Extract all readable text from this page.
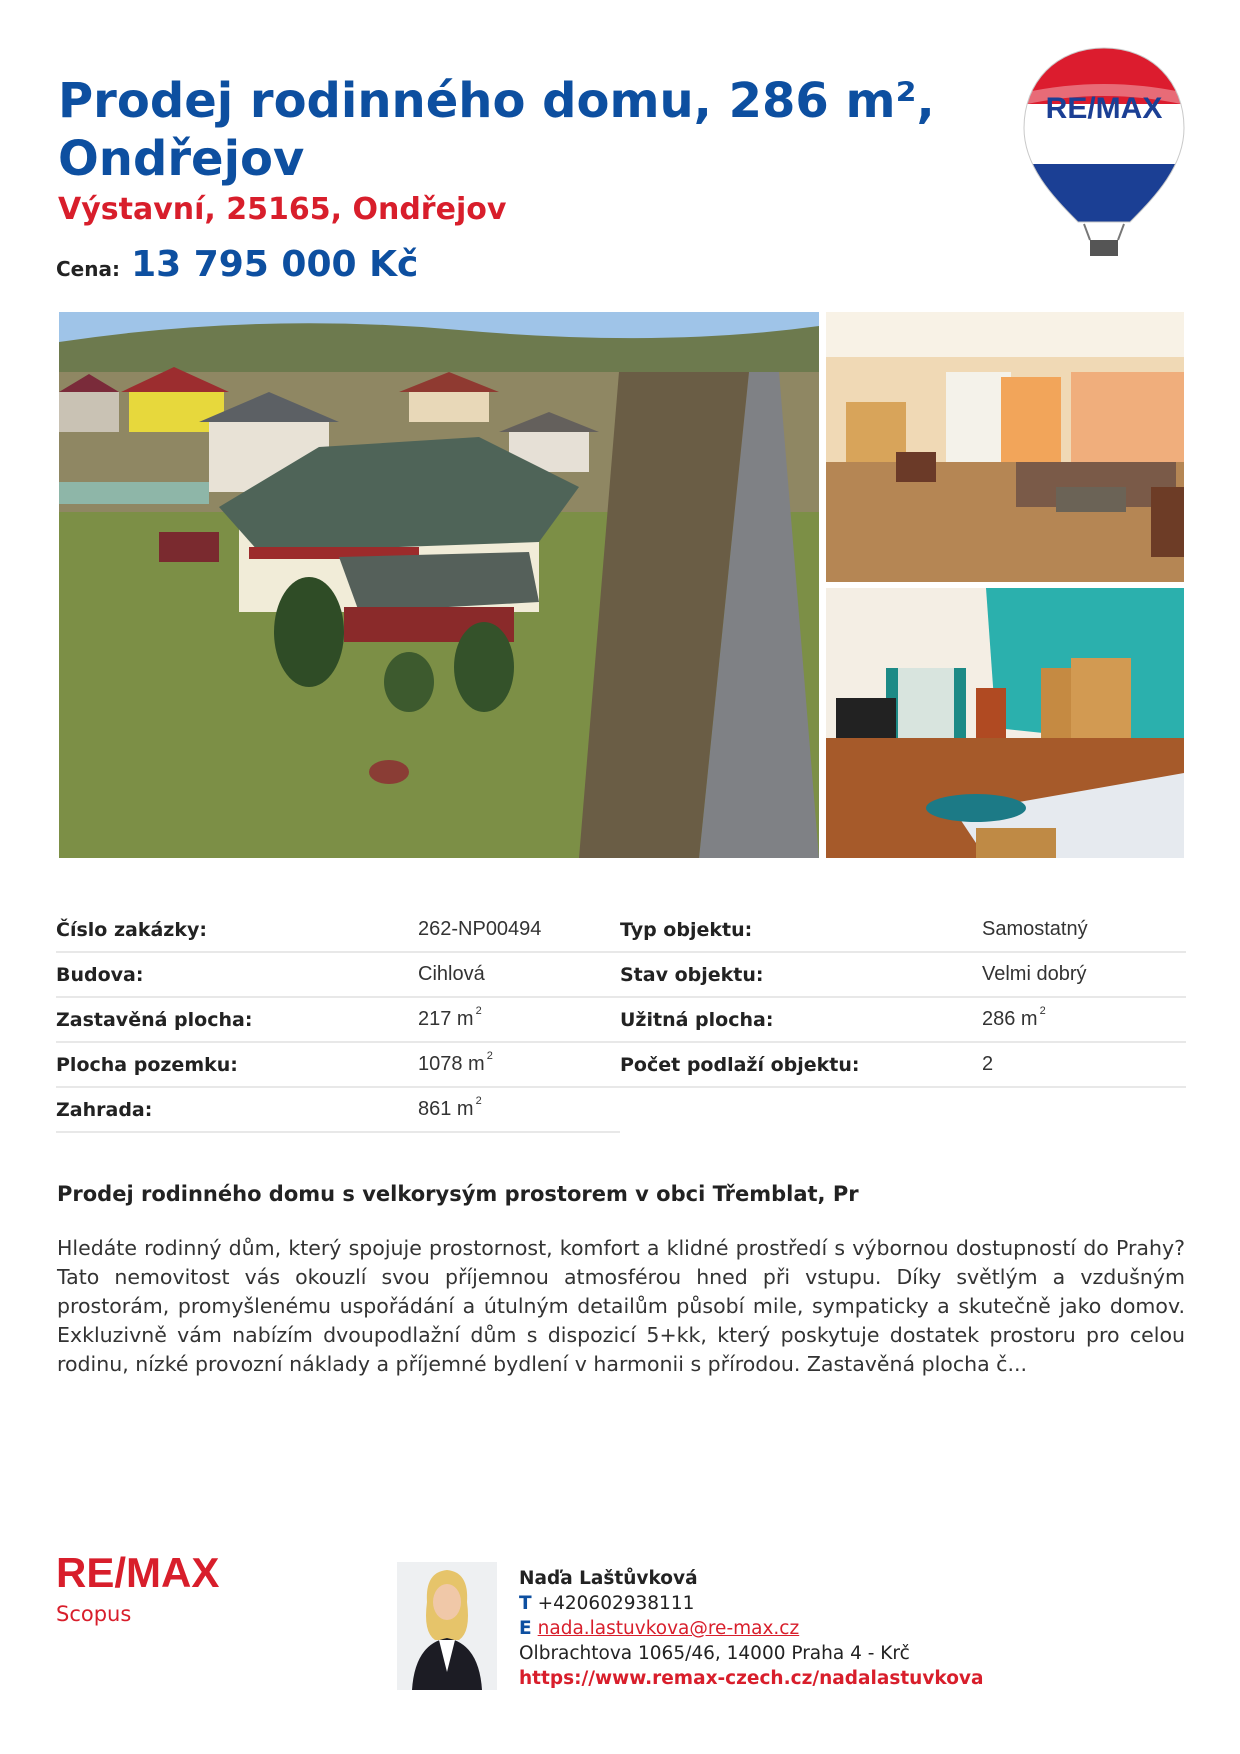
Prodej rodinného domu, 286 m², Ondřejov
Výstavní, 25165, Ondřejov
Cena: 13 795 000 Kč
RE/MAX
Číslo zakázky:	262-NP00494	Typ objektu:	Samostatný
Budova:	Cihlová	Stav objektu:	Velmi dobrý
Zastavěná plocha:	217 $m^2$	Užitná plocha:	286 $m^2$
Plocha pozemku:	1078 $m^2$	Počet podlaží objektu:	2
Zahrada:	861 $m^2$
Prodej rodinného domu s velkorysým prostorem v obci Třemblat, Pr

Hledáte rodinný dům, který spojuje prostornost, komfort a klidné prostředí s výbornou dostupností do Prahy? Tato nemovitost vás okouzlí svou příjemnou atmosférou hned při vstupu. Díky světlým a vzdušným prostorám, promyšlenému uspořádání a útulným detailům působí mile, sympaticky a skutečně jako domov. Exkluzivně vám nabízím dvoupodlažní dům s dispozicí 5+kk, který poskytuje dostatek prostoru pro celou rodinu, nízké provozní náklady a příjemné bydlení v harmonii s přírodou. Zastavěná plocha č...

RE/MAX
Scopus
Naďa Laštůvková
T +420602938111
E nada.lastuvkova@re-max.cz
Olbrachtova 1065/46, 14000 Praha 4 - Krč
https://www.remax-czech.cz/nadalastuvkova
